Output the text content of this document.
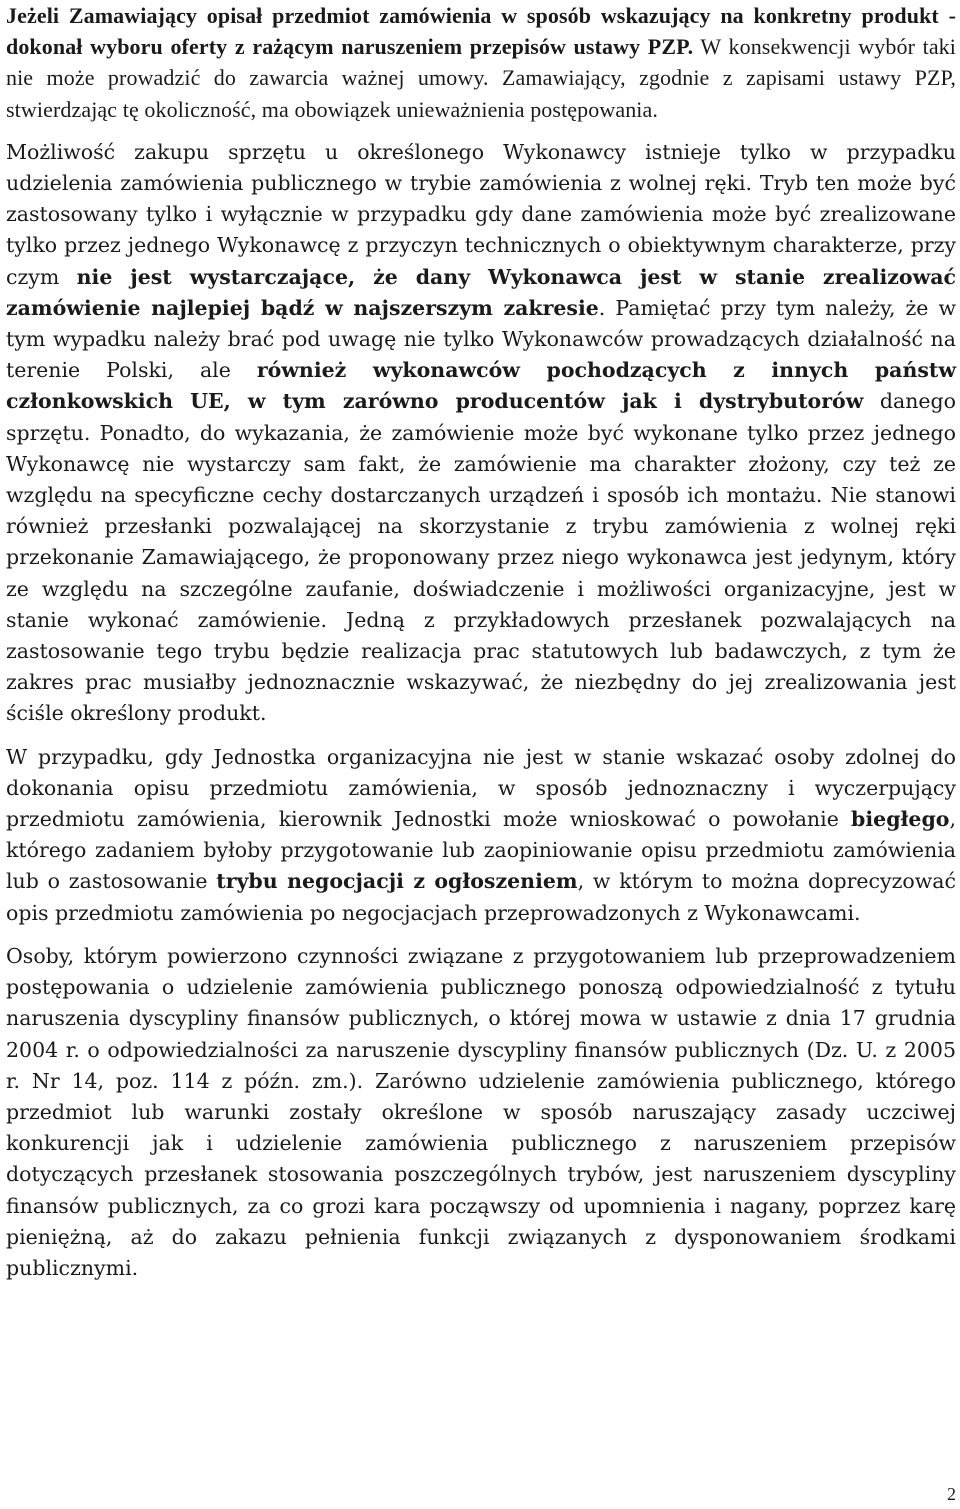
Jeżeli Zamawiający opisał przedmiot zamówienia w sposób wskazujący na konkretny produkt - dokonał wyboru oferty z rażącym naruszeniem przepisów ustawy PZP. W konsekwencji wybór taki nie może prowadzić do zawarcia ważnej umowy. Zamawiający, zgodnie z zapisami ustawy PZP, stwierdzając tę okoliczność, ma obowiązek unieważnienia postępowania.

Możliwość zakupu sprzętu u określonego Wykonawcy istnieje tylko w przypadku udzielenia zamówienia publicznego w trybie zamówienia z wolnej ręki. Tryb ten może być zastosowany tylko i wyłącznie w przypadku gdy dane zamówienia może być zrealizowane tylko przez jednego Wykonawcę z przyczyn technicznych o obiektywnym charakterze, przy czym nie jest wystarczające, że dany Wykonawca jest w stanie zrealizować zamówienie najlepiej bądź w najszerszym zakresie. Pamiętać przy tym należy, że w tym wypadku należy brać pod uwagę nie tylko Wykonawców prowadzących działalność na terenie Polski, ale również wykonawców pochodzących z innych państw członkowskich UE, w tym zarówno producentów jak i dystrybutorów danego sprzętu. Ponadto, do wykazania, że zamówienie może być wykonane tylko przez jednego Wykonawcę nie wystarczy sam fakt, że zamówienie ma charakter złożony, czy też ze względu na specyficzne cechy dostarczanych urządzeń i sposób ich montażu. Nie stanowi również przesłanki pozwalającej na skorzystanie z trybu zamówienia z wolnej ręki przekonanie Zamawiającego, że proponowany przez niego wykonawca jest jedynym, który ze względu na szczególne zaufanie, doświadczenie i możliwości organizacyjne, jest w stanie wykonać zamówienie. Jedną z przykładowych przesłanek pozwalających na zastosowanie tego trybu będzie realizacja prac statutowych lub badawczych, z tym że zakres prac musiałby jednoznacznie wskazywać, że niezbędny do jej zrealizowania jest ściśle określony produkt.

W przypadku, gdy Jednostka organizacyjna nie jest w stanie wskazać osoby zdolnej do dokonania opisu przedmiotu zamówienia, w sposób jednoznaczny i wyczerpujący przedmiotu zamówienia, kierownik Jednostki może wnioskować o powołanie biegłego, którego zadaniem byłoby przygotowanie lub zaopiniowanie opisu przedmiotu zamówienia lub o zastosowanie trybu negocjacji z ogłoszeniem, w którym to można doprecyzować opis przedmiotu zamówienia po negocjacjach przeprowadzonych z Wykonawcami.

Osoby, którym powierzono czynności związane z przygotowaniem lub przeprowadzeniem postępowania o udzielenie zamówienia publicznego ponoszą odpowiedzialność z tytułu naruszenia dyscypliny finansów publicznych, o której mowa w ustawie z dnia 17 grudnia 2004 r. o odpowiedzialności za naruszenie dyscypliny finansów publicznych (Dz. U. z 2005 r. Nr 14, poz. 114 z późn. zm.). Zarówno udzielenie zamówienia publicznego, którego przedmiot lub warunki zostały określone w sposób naruszający zasady uczciwej konkurencji jak i udzielenie zamówienia publicznego z naruszeniem przepisów dotyczących przesłanek stosowania poszczególnych trybów, jest naruszeniem dyscypliny finansów publicznych, za co grozi kara począwszy od upomnienia i nagany, poprzez karę pieniężną, aż do zakazu pełnienia funkcji związanych z dysponowaniem środkami publicznymi.

2
